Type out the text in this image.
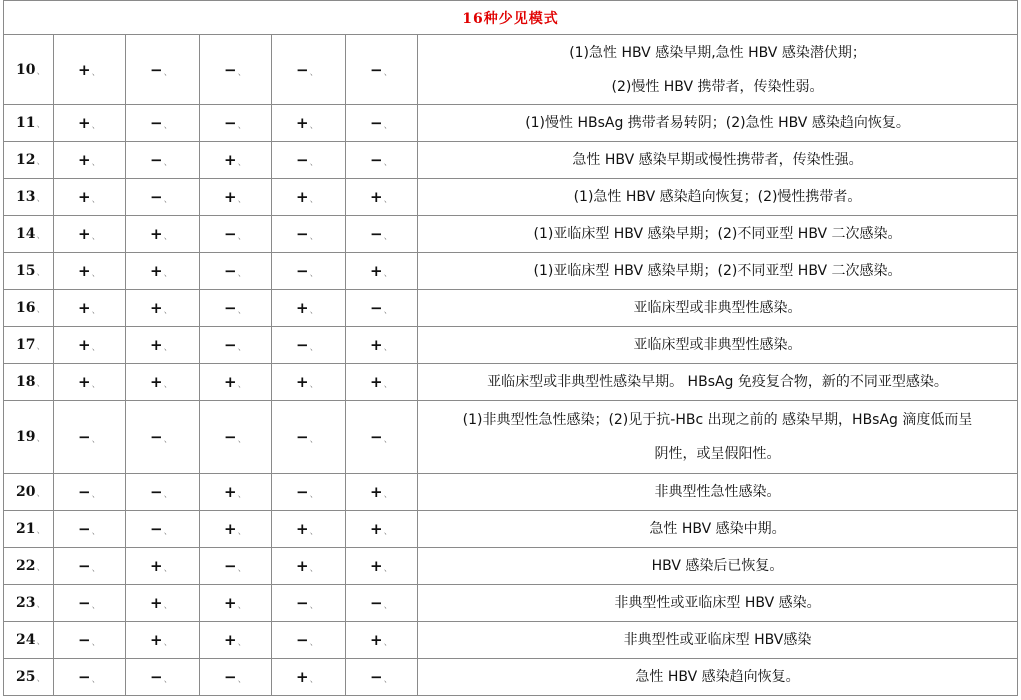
16种少见模式						
10 、	+ 、	− 、	− 、	− 、	− 、	(1)急性 HBV 感染早期,急性 HBV 感染潜伏期；
(2)慢性 HBV 携带者，传染性弱。

11 、	+ 、	− 、	− 、	+ 、	− 、	(1)慢性 HBsAg 携带者易转阴；(2)急性 HBV 感染趋向恢复。

12 、	+ 、	− 、	+ 、	− 、	− 、	急性 HBV 感染早期或慢性携带者，传染性强。

13 、	+ 、	− 、	+ 、	+ 、	+ 、	(1)急性 HBV 感染趋向恢复；(2)慢性携带者。

14 、	+ 、	+ 、	− 、	− 、	− 、	(1)亚临床型 HBV 感染早期；(2)不同亚型 HBV 二次感染。

15 、	+ 、	+ 、	− 、	− 、	+ 、	(1)亚临床型 HBV 感染早期；(2)不同亚型 HBV 二次感染。

16 、	+ 、	+ 、	− 、	+ 、	− 、	亚临床型或非典型性感染。

17 、	+ 、	+ 、	− 、	− 、	+ 、	亚临床型或非典型性感染。

18 、	+ 、	+ 、	+ 、	+ 、	+ 、	亚临床型或非典型性感染早期。 HBsAg 免疫复合物，新的不同亚型感染。

19 、	− 、	− 、	− 、	− 、	− 、	(1)非典型性急性感染；(2)见于抗-HBc 出现之前的 感染早期，HBsAg 滴度低而呈
阴性，或呈假阳性。

20 、	− 、	− 、	+ 、	− 、	+ 、	非典型性急性感染。

21 、	− 、	− 、	+ 、	+ 、	+ 、	急性 HBV 感染中期。

22 、	− 、	+ 、	− 、	+ 、	+ 、	HBV 感染后已恢复。

23 、	− 、	+ 、	+ 、	− 、	− 、	非典型性或亚临床型 HBV 感染。

24 、	− 、	+ 、	+ 、	− 、	+ 、	非典型性或亚临床型 HBV感染

25 、	− 、	− 、	− 、	+ 、	− 、	急性 HBV 感染趋向恢复。
